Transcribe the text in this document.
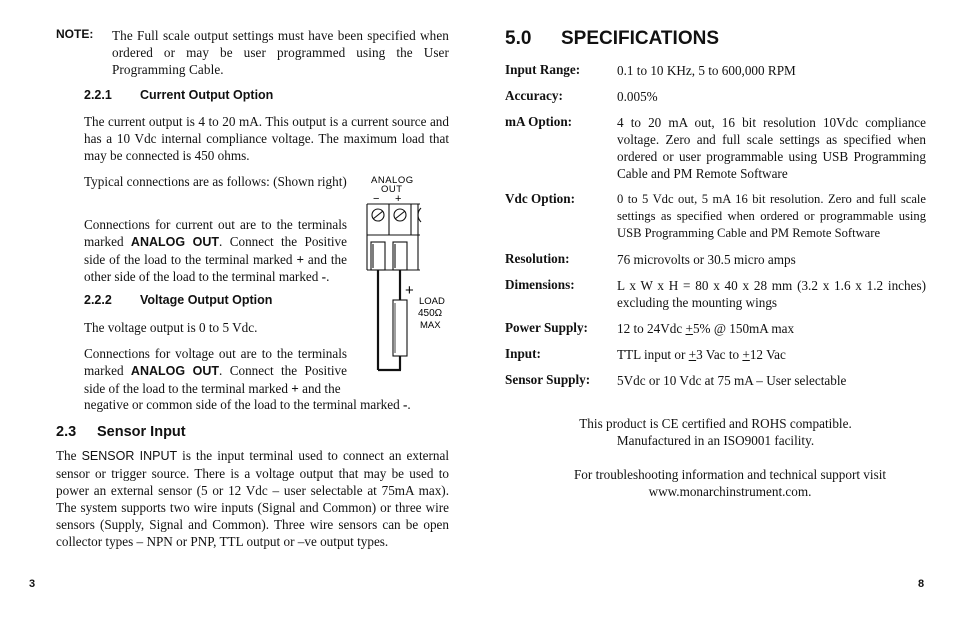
NOTE: The Full scale output settings must have been specified when ordered or may be user programmed using the User Programming Cable.

2.2.1 Current Output Option

The current output is 4 to 20 mA. This output is a current source and has a 10 Vdc internal compliance voltage. The maximum load that may be connected is 450 ohms.

Typical connections are as follows: (Shown right)

Connections for current out are to the terminals marked ANALOG OUT. Connect the Positive side of the load to the terminal marked + and the other side of the load to the terminal marked -.

2.2.2 Voltage Output Option

The voltage output is 0 to 5 Vdc.

Connections for voltage out are to the terminals marked ANALOG OUT. Connect the Positive side of the load to the terminal marked + and the

negative or common side of the load to the terminal marked -.

2.3 Sensor Input

The SENSOR INPUT is the input terminal used to connect an external sensor or trigger source. There is a voltage output that may be used to power an external sensor (5 or 12 Vdc – user selectable at 75mA max). The system supports two wire inputs (Signal and Common) or three wire sensors (Supply, Signal and Common). Three wire sensors can be open collector types – NPN or PNP, TTL output or –ve output types.

ANALOG
OUT
− +
+
LOAD
450Ω
MAX
3
5.0 SPECIFICATIONS
Input Range:	0.1 to 10 KHz, 5 to 600,000 RPM
Accuracy:	0.005%
mA Option:	4 to 20 mA out, 16 bit resolution 10Vdc compliance voltage. Zero and full scale settings as specified when ordered or user programmable using USB Programming Cable and PM Remote Software
Vdc Option:	0 to 5 Vdc out, 5 mA 16 bit resolution. Zero and full scale settings as specified when ordered or programmable using USB Programming Cable and PM Remote Software
Resolution:	76 microvolts or 30.5 micro amps
Dimensions:	L x W x H = 80 x 40 x 28 mm (3.2 x 1.6 x 1.2 inches) excluding the mounting wings
Power Supply: 12 to 24Vdc +5% @ 150mA max
Input:	TTL input or +3 Vac to +12 Vac
Sensor Supply: 5Vdc or 10 Vdc at 75 mA – User selectable
This product is CE certified and ROHS compatible.
Manufactured in an ISO9001 facility.
For troubleshooting information and technical support visit
www.monarchinstrument.com.
8
